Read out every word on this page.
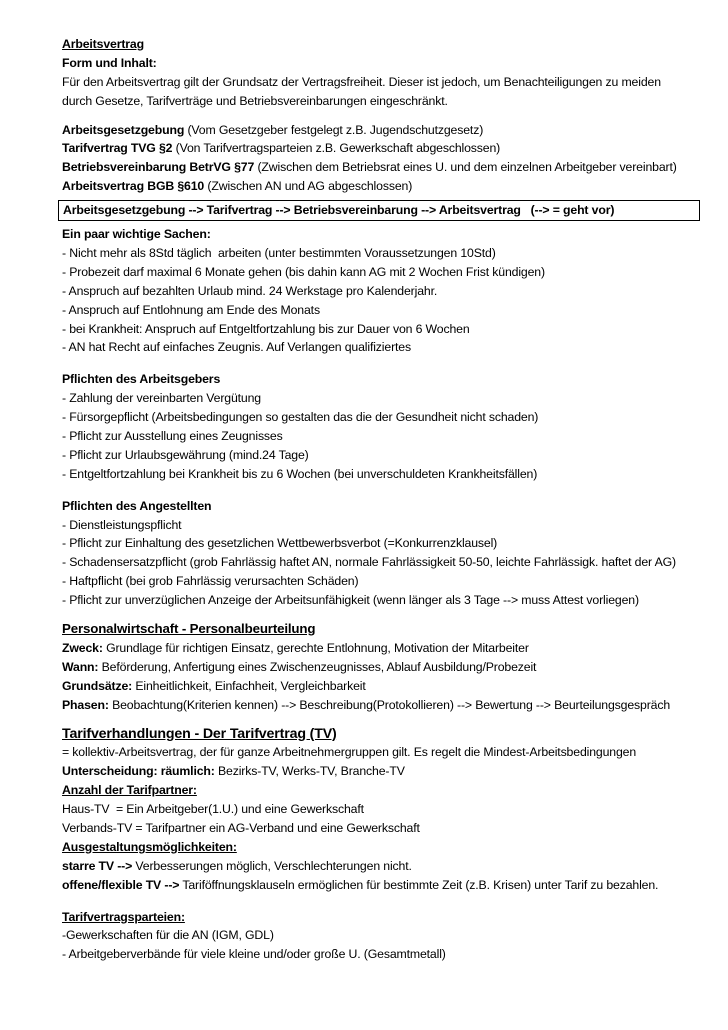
Arbeitsvertrag
Form und Inhalt:
Für den Arbeitsvertrag gilt der Grundsatz der Vertragsfreiheit. Dieser ist jedoch, um Benachteiligungen zu meiden
durch Gesetze, Tarifverträge und Betriebsvereinbarungen eingeschränkt.
Arbeitsgesetzgebung (Vom Gesetzgeber festgelegt z.B. Jugendschutzgesetz)
Tarifvertrag TVG §2 (Von Tarifvertragsparteien z.B. Gewerkschaft abgeschlossen)
Betriebsvereinbarung BetrVG §77 (Zwischen dem Betriebsrat eines U. und dem einzelnen Arbeitgeber vereinbart)
Arbeitsvertrag BGB §610 (Zwischen AN und AG abgeschlossen)
Arbeitsgesetzgebung --> Tarifvertrag --> Betriebsvereinbarung --> Arbeitsvertrag   (--> = geht vor)
Ein paar wichtige Sachen:
- Nicht mehr als 8Std täglich  arbeiten (unter bestimmten Voraussetzungen 10Std)
- Probezeit darf maximal 6 Monate gehen (bis dahin kann AG mit 2 Wochen Frist kündigen)
- Anspruch auf bezahlten Urlaub mind. 24 Werkstage pro Kalenderjahr.
- Anspruch auf Entlohnung am Ende des Monats
- bei Krankheit: Anspruch auf Entgeltfortzahlung bis zur Dauer von 6 Wochen
- AN hat Recht auf einfaches Zeugnis. Auf Verlangen qualifiziertes
Pflichten des Arbeitsgebers
- Zahlung der vereinbarten Vergütung
- Fürsorgepflicht (Arbeitsbedingungen so gestalten das die der Gesundheit nicht schaden)
- Pflicht zur Ausstellung eines Zeugnisses
- Pflicht zur Urlaubsgewährung (mind.24 Tage)
- Entgeltfortzahlung bei Krankheit bis zu 6 Wochen (bei unverschuldeten Krankheitsfällen)
Pflichten des Angestellten
- Dienstleistungspflicht
- Pflicht zur Einhaltung des gesetzlichen Wettbewerbsverbot (=Konkurrenzklausel)
- Schadensersatzpflicht (grob Fahrlässig haftet AN, normale Fahrlässigkeit 50-50, leichte Fahrlässigk. haftet der AG)
- Haftpflicht (bei grob Fahrlässig verursachten Schäden)
- Pflicht zur unverzüglichen Anzeige der Arbeitsunfähigkeit (wenn länger als 3 Tage --> muss Attest vorliegen)
Personalwirtschaft - Personalbeurteilung
Zweck: Grundlage für richtigen Einsatz, gerechte Entlohnung, Motivation der Mitarbeiter
Wann: Beförderung, Anfertigung eines Zwischenzeugnisses, Ablauf Ausbildung/Probezeit
Grundsätze: Einheitlichkeit, Einfachheit, Vergleichbarkeit
Phasen: Beobachtung(Kriterien kennen) --> Beschreibung(Protokollieren) --> Bewertung --> Beurteilungsgespräch
Tarifverhandlungen - Der Tarifvertrag (TV)
= kollektiv-Arbeitsvertrag, der für ganze Arbeitnehmergruppen gilt. Es regelt die Mindest-Arbeitsbedingungen
Unterscheidung: räumlich: Bezirks-TV, Werks-TV, Branche-TV
Anzahl der Tarifpartner:
Haus-TV  = Ein Arbeitgeber(1.U.) und eine Gewerkschaft
Verbands-TV = Tarifpartner ein AG-Verband und eine Gewerkschaft
Ausgestaltungsmöglichkeiten:
starre TV --> Verbesserungen möglich, Verschlechterungen nicht.
offene/flexible TV --> Tariföffnungsklauseln ermöglichen für bestimmte Zeit (z.B. Krisen) unter Tarif zu bezahlen.
Tarifvertragsparteien:
-Gewerkschaften für die AN (IGM, GDL)
- Arbeitgeberverbände für viele kleine und/oder große U. (Gesamtmetall)
